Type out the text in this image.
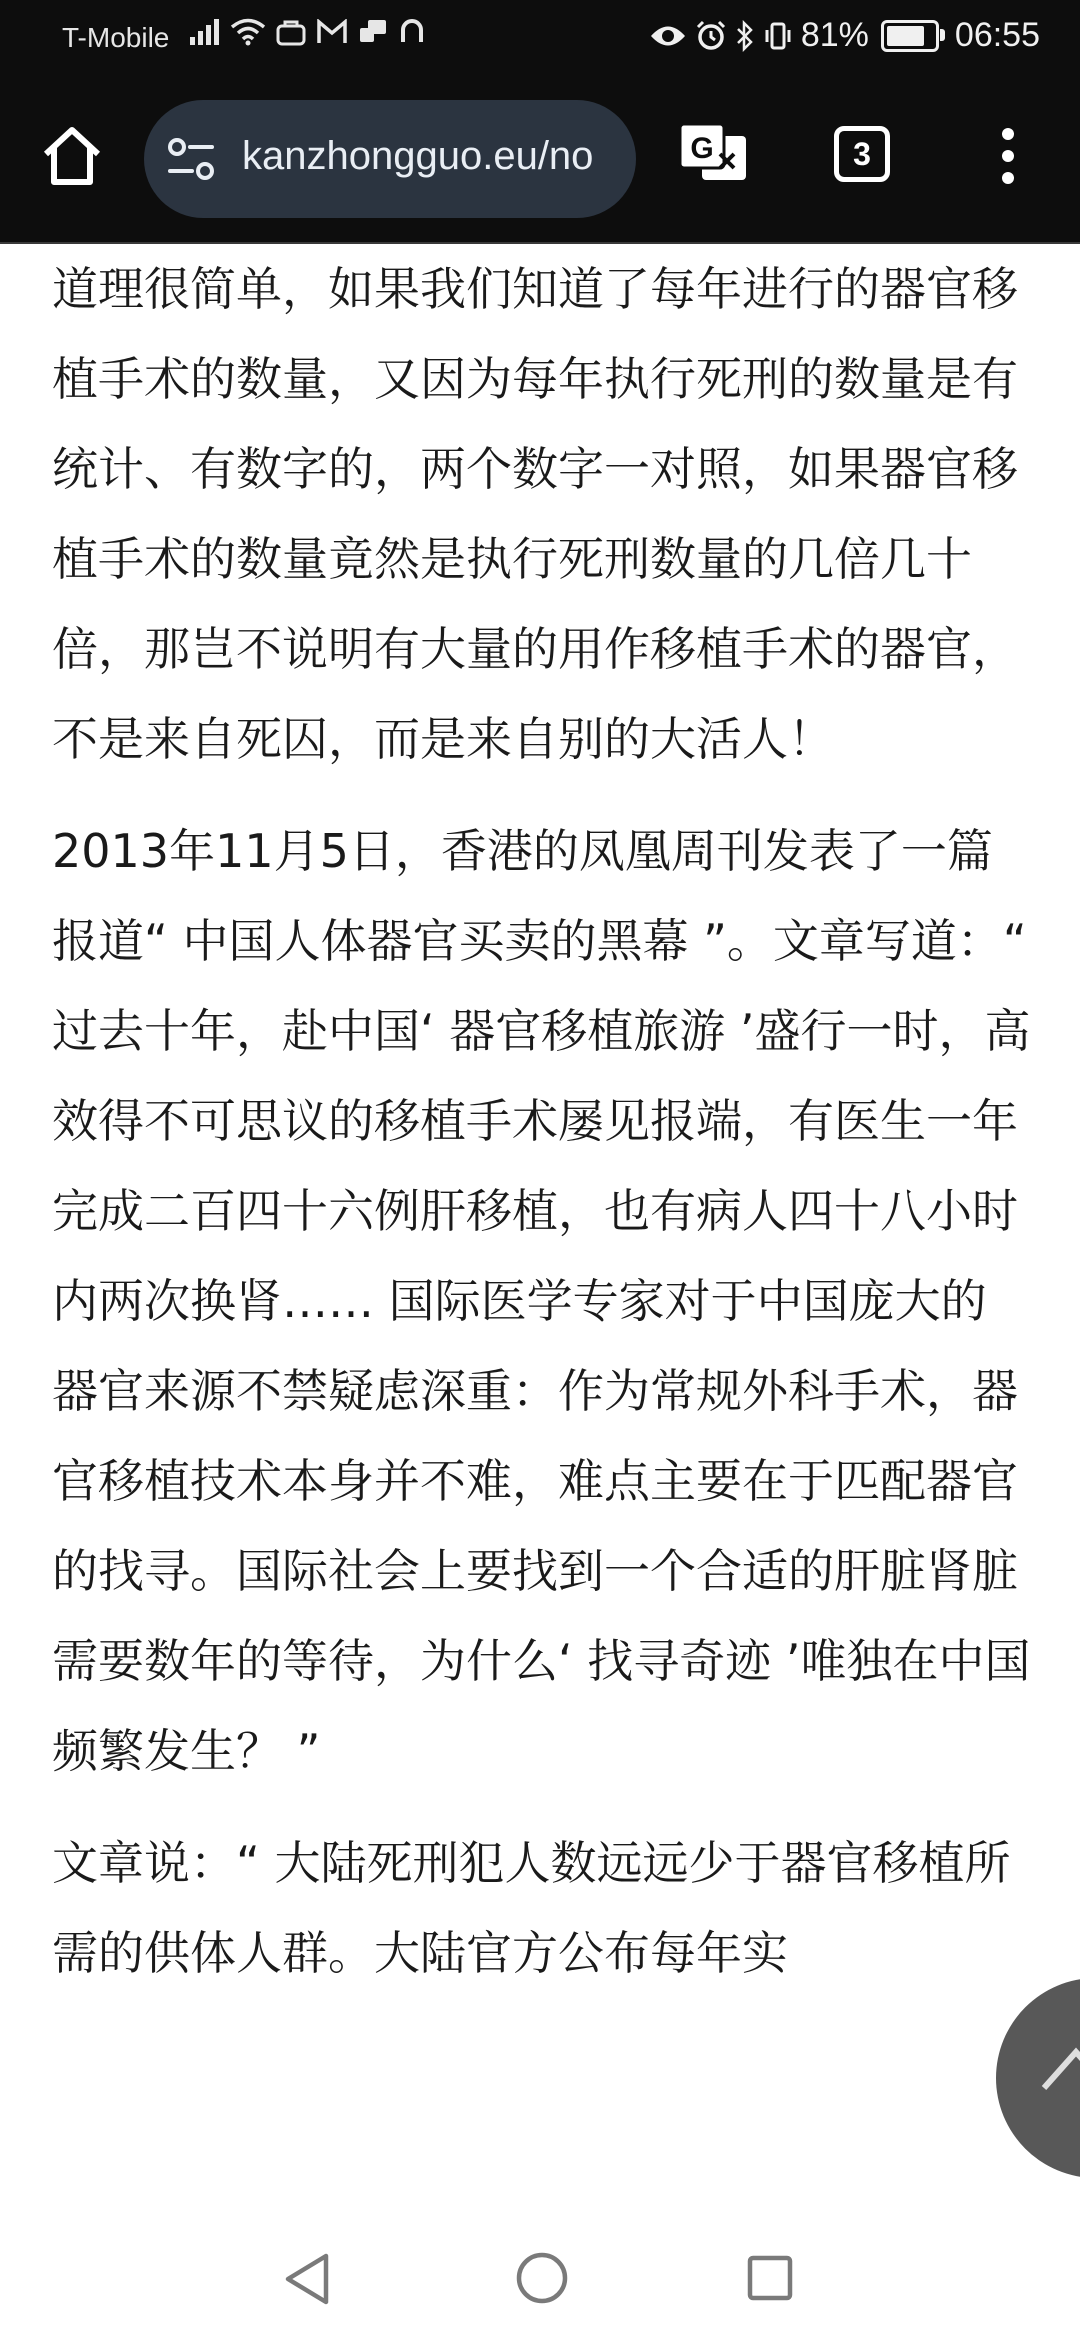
T-Mobile	81%	06:55
kanzhongguo.eu/no	G	3

道理很简单，如果我们知道了每年进行的器官移植手术的数量，又因为每年执行死刑的数量是有统计、有数字的，两个数字一对照，如果器官移植手术的数量竟然是执行死刑数量的几倍几十倍，那岂不说明有大量的用作移植手术的器官，不是来自死囚，而是来自别的大活人！

2013年11月5日，香港的凤凰周刊发表了一篇报道“ 中国人体器官买卖的黑幕 ”。文章写道：“ 过去十年，赴中国‘ 器官移植旅游 ’盛行一时，高效得不可思议的移植手术屡见报端，有医生一年完成二百四十六例肝移植，也有病人四十八小时内两次换肾…… 国际医学专家对于中国庞大的器官来源不禁疑虑深重：作为常规外科手术，器官移植技术本身并不难，难点主要在于匹配器官的找寻。国际社会上要找到一个合适的肝脏肾脏需要数年的等待，为什么‘ 找寻奇迹 ’唯独在中国频繁发生？ ”

文章说：“ 大陆死刑犯人数远远少于器官移植所需的供体人群。大陆官方公布每年实
